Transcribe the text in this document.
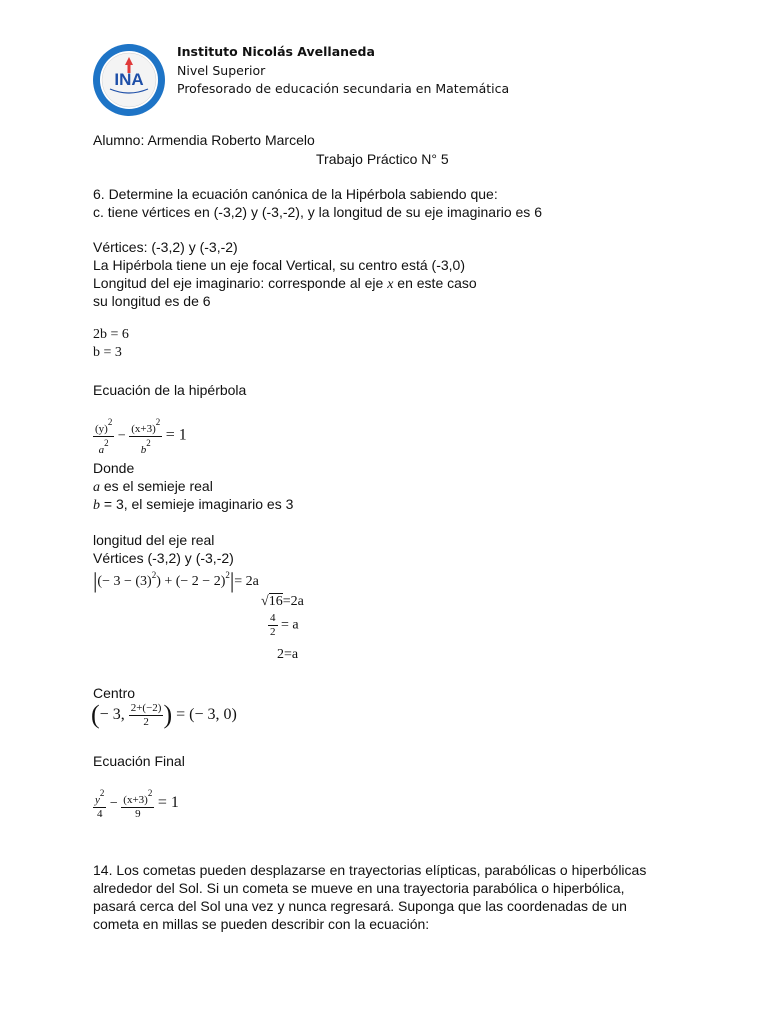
INA
Instituto Nicolás Avellaneda
Nivel Superior
Profesorado de educación secundaria en Matemática
Alumno: Armendia Roberto Marcelo
Trabajo Práctico N° 5
6. Determine la ecuación canónica de la Hipérbola sabiendo que:
c. tiene vértices en (-3,2) y (-3,-2), y la longitud de su eje imaginario es 6
Vértices: (-3,2) y (-3,-2)
La Hipérbola tiene un eje focal Vertical, su centro está (-3,0)
Longitud del eje imaginario: corresponde al eje x en este caso
su longitud es de 6
2b = 6
b = 3
Ecuación de la hipérbola
$\frac{(y)^2}{a^2} - \frac{(x+3)^2}{b^2} = 1$
Donde
a es el semieje real
b = 3, el semieje imaginario es 3
longitud del eje real
Vértices (-3,2) y (-3,-2)
|(− $3 - (3)^2$) + (− 2 − 2)$^2$|= 2a
√16=2a
$\frac{4}{2} = a$
2=a
Centro
(− 3, $\frac{2+(-2)}{2}$ ) = (− 3, 0)
Ecuación Final
$\frac{y^2}{4} - \frac{(x+3)^2}{9} = 1$
14. Los cometas pueden desplazarse en trayectorias elípticas, parabólicas o hiperbólicas
alrededor del Sol. Si un cometa se mueve en una trayectoria parabólica o hiperbólica,
pasará cerca del Sol una vez y nunca regresará. Suponga que las coordenadas de un
cometa en millas se pueden describir con la ecuación:
